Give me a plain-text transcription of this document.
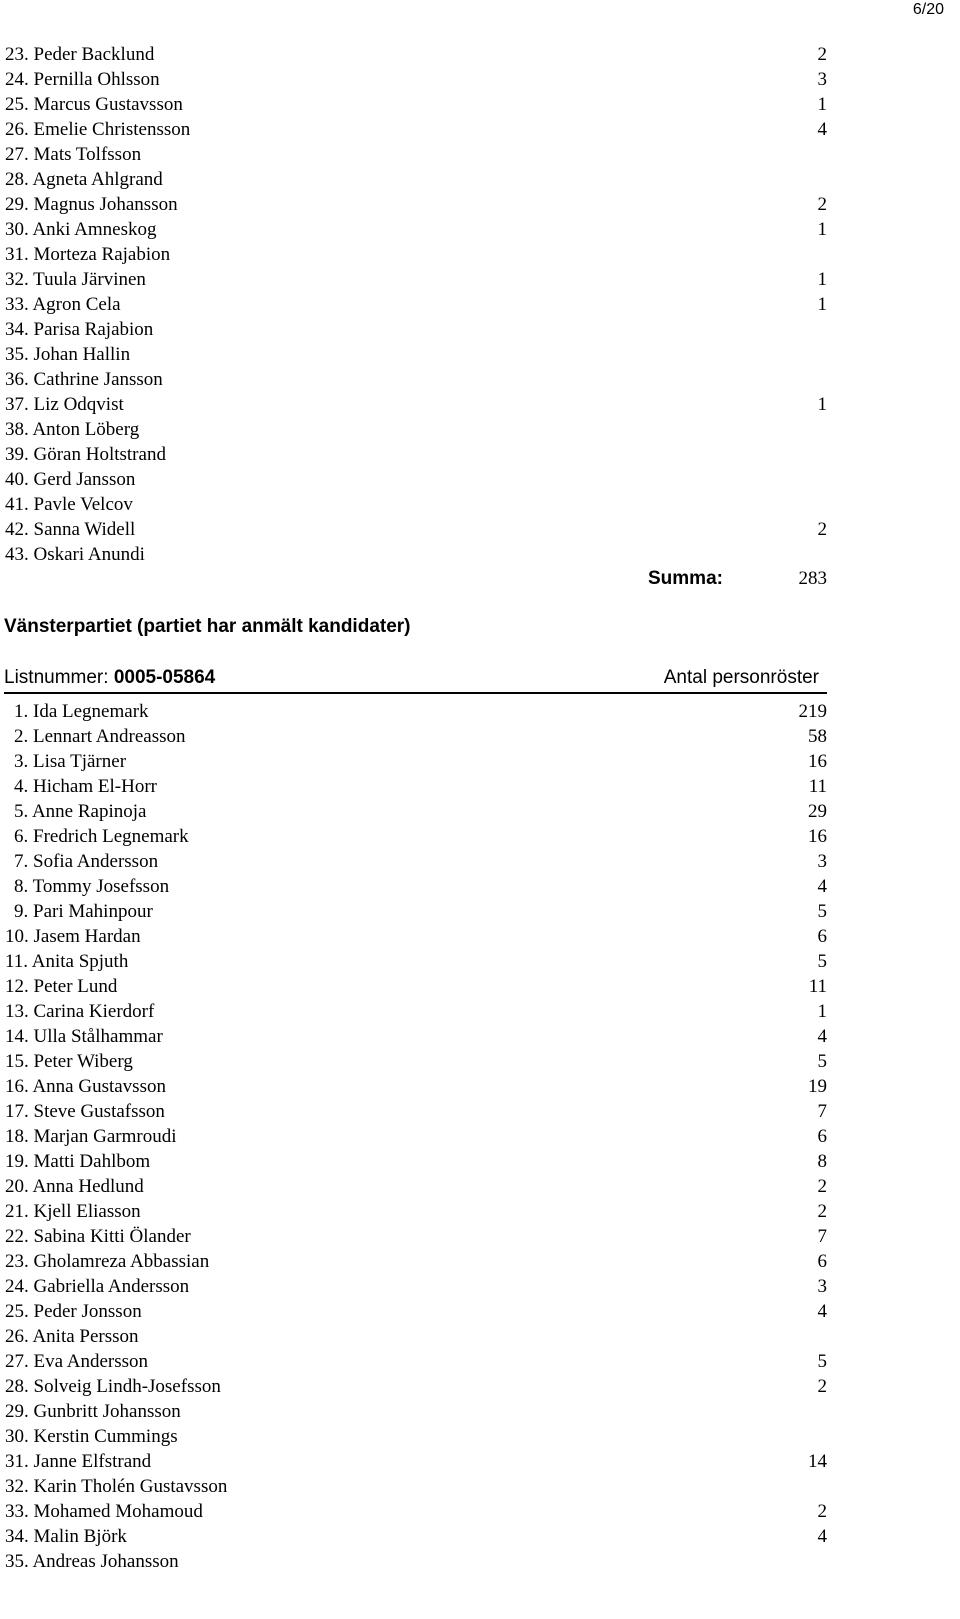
6/20
23. Peder Backlund	2
24. Pernilla Ohlsson	3
25. Marcus Gustavsson	1
26. Emelie Christensson	4
27. Mats Tolfsson
28. Agneta Ahlgrand
29. Magnus Johansson	2
30. Anki Amneskog	1
31. Morteza Rajabion
32. Tuula Järvinen	1
33. Agron Cela	1
34. Parisa Rajabion
35. Johan Hallin
36. Cathrine Jansson
37. Liz Odqvist	1
38. Anton Löberg
39. Göran Holtstrand
40. Gerd Jansson
41. Pavle Velcov
42. Sanna Widell	2
43. Oskari Anundi
Summa:	283
Vänsterpartiet (partiet har anmält kandidater)
Listnummer: 0005-05864	Antal personröster
1. Ida Legnemark	219
2. Lennart Andreasson	58
3. Lisa Tjärner	16
4. Hicham El-Horr	11
5. Anne Rapinoja	29
6. Fredrich Legnemark	16
7. Sofia Andersson	3
8. Tommy Josefsson	4
9. Pari Mahinpour	5
10. Jasem Hardan	6
11. Anita Spjuth	5
12. Peter Lund	11
13. Carina Kierdorf	1
14. Ulla Stålhammar	4
15. Peter Wiberg	5
16. Anna Gustavsson	19
17. Steve Gustafsson	7
18. Marjan Garmroudi	6
19. Matti Dahlbom	8
20. Anna Hedlund	2
21. Kjell Eliasson	2
22. Sabina Kitti Ölander	7
23. Gholamreza Abbassian	6
24. Gabriella Andersson	3
25. Peder Jonsson	4
26. Anita Persson
27. Eva Andersson	5
28. Solveig Lindh-Josefsson	2
29. Gunbritt Johansson
30. Kerstin Cummings
31. Janne Elfstrand	14
32. Karin Tholén Gustavsson
33. Mohamed Mohamoud	2
34. Malin Björk	4
35. Andreas Johansson
